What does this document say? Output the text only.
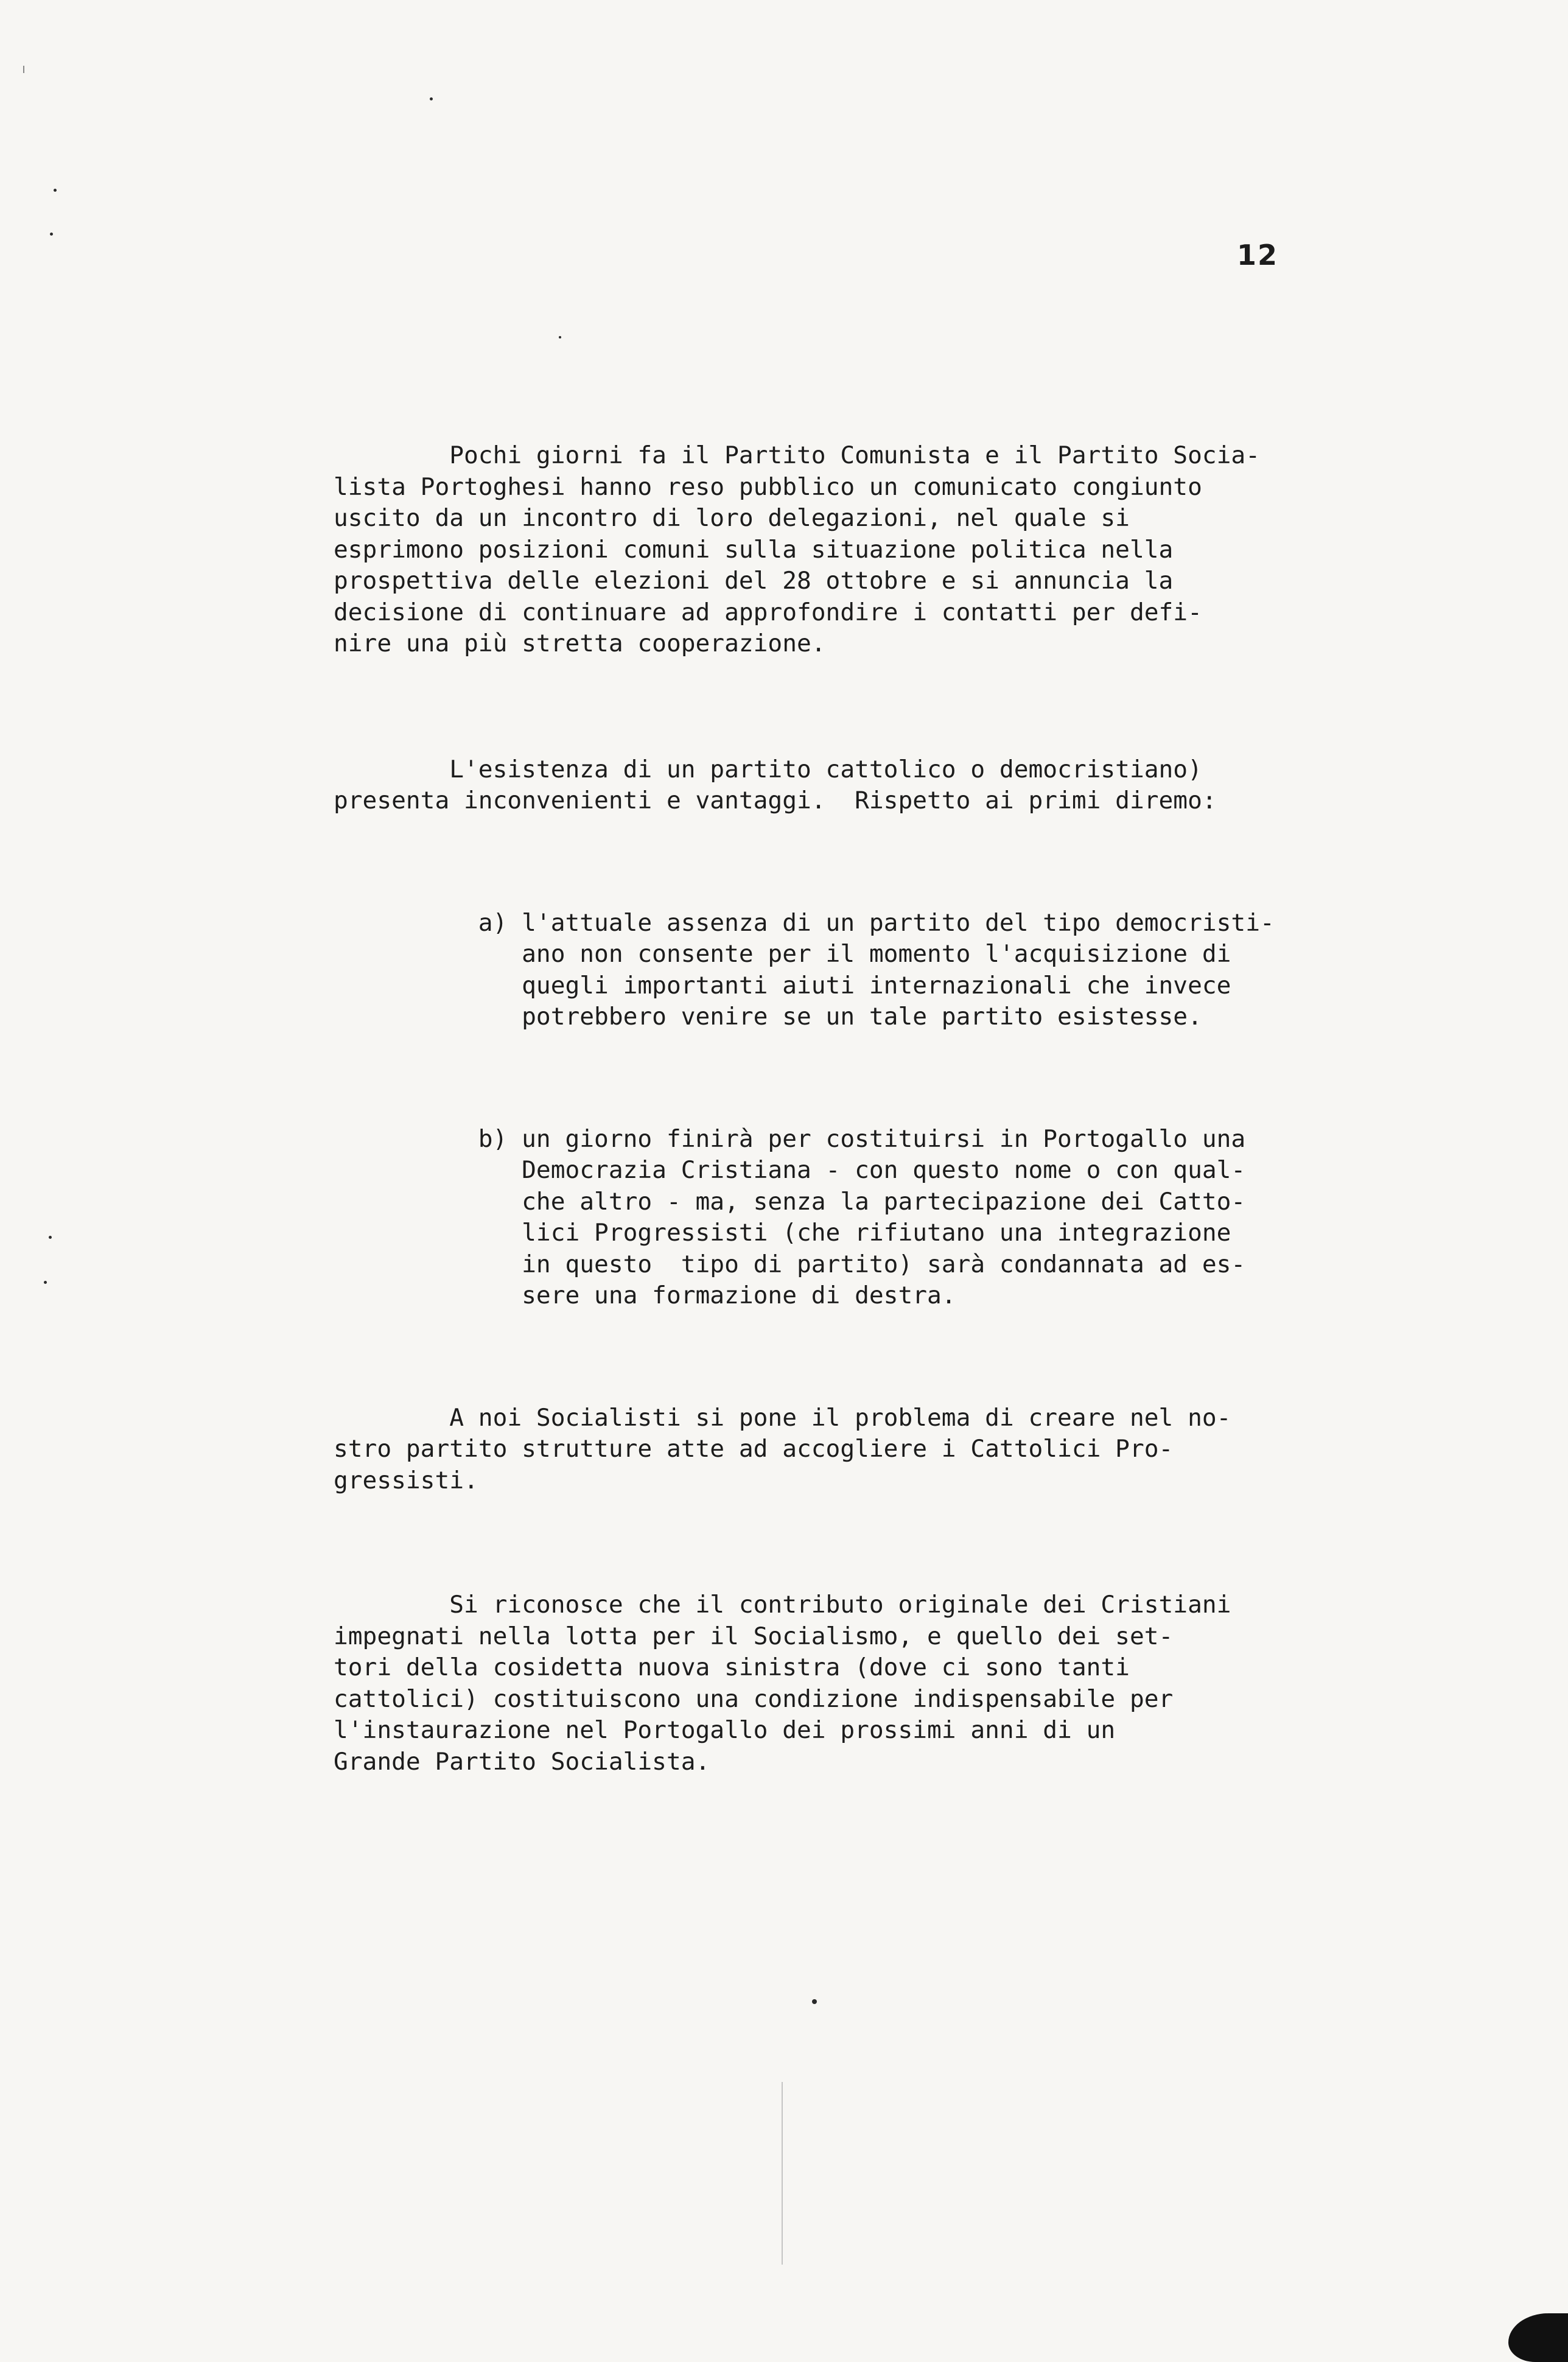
12

Pochi giorni fa il Partito Comunista e il Partito Socia-
lista Portoghesi hanno reso pubblico un comunicato congiunto
uscito da un incontro di loro delegazioni, nel quale si
esprimono posizioni comuni sulla situazione politica nella
prospettiva delle elezioni del 28 ottobre e si annuncia la
decisione di continuare ad approfondire i contatti per defi-
nire una più stretta cooperazione.

L'esistenza di un partito cattolico o democristiano)
presenta inconvenienti e vantaggi.  Rispetto ai primi diremo:

a) l'attuale assenza di un partito del tipo democristi-
ano non consente per il momento l'acquisizione di
quegli importanti aiuti internazionali che invece
potrebbero venire se un tale partito esistesse.

b) un giorno finirà per costituirsi in Portogallo una
Democrazia Cristiana - con questo nome o con qual-
che altro - ma, senza la partecipazione dei Catto-
lici Progressisti (che rifiutano una integrazione
in questo  tipo di partito) sarà condannata ad es-
sere una formazione di destra.

A noi Socialisti si pone il problema di creare nel no-
stro partito strutture atte ad accogliere i Cattolici Pro-
gressisti.

Si riconosce che il contributo originale dei Cristiani
impegnati nella lotta per il Socialismo, e quello dei set-
tori della cosidetta nuova sinistra (dove ci sono tanti
cattolici) costituiscono una condizione indispensabile per
l'instaurazione nel Portogallo dei prossimi anni di un
Grande Partito Socialista.
